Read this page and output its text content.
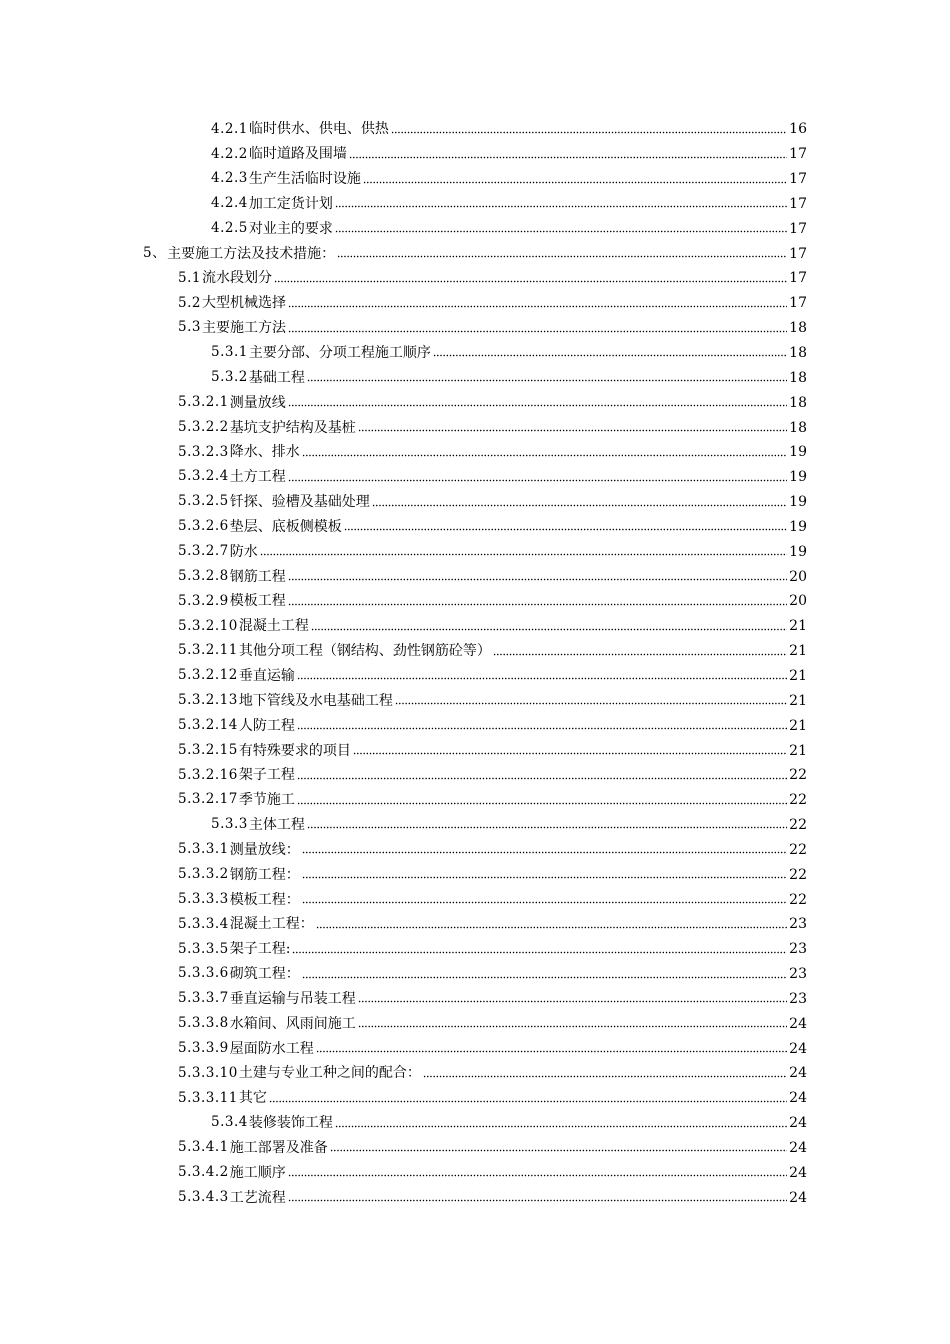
4.2.1 临时供水、供电、供热	16
4.2.2 临时道路及围墙	17
4.2.3 生产生活临时设施	17
4.2.4 加工定货计划	17
4.2.5 对业主的要求	17
5、 主要施工方法及技术措施：	17
5.1 流水段划分	17
5.2 大型机械选择	17
5.3 主要施工方法	18
5.3.1 主要分部、分项工程施工顺序	18
5.3.2 基础工程	18
5.3.2.1 测量放线	18
5.3.2.2 基坑支护结构及基桩	18
5.3.2.3 降水、排水	19
5.3.2.4 土方工程	19
5.3.2.5 钎探、验槽及基础处理	19
5.3.2.6 垫层、底板侧模板	19
5.3.2.7 防水	19
5.3.2.8 钢筋工程	20
5.3.2.9 模板工程	20
5.3.2.10 混凝土工程	21
5.3.2.11 其他分项工程（钢结构、劲性钢筋砼等）	21
5.3.2.12 垂直运输	21
5.3.2.13 地下管线及水电基础工程	21
5.3.2.14 人防工程	21
5.3.2.15 有特殊要求的项目	21
5.3.2.16 架子工程	22
5.3.2.17 季节施工	22
5.3.3 主体工程	22
5.3.3.1 测量放线：	22
5.3.3.2 钢筋工程：	22
5.3.3.3 模板工程：	22
5.3.3.4 混凝土工程：	23
5.3.3.5 架子工程:	23
5.3.3.6 砌筑工程：	23
5.3.3.7 垂直运输与吊装工程	23
5.3.3.8 水箱间、风雨间施工	24
5.3.3.9 屋面防水工程	24
5.3.3.10 土建与专业工种之间的配合：	24
5.3.3.11 其它	24
5.3.4 装修装饰工程	24
5.3.4.1 施工部署及准备	24
5.3.4.2 施工顺序	24
5.3.4.3 工艺流程	24
